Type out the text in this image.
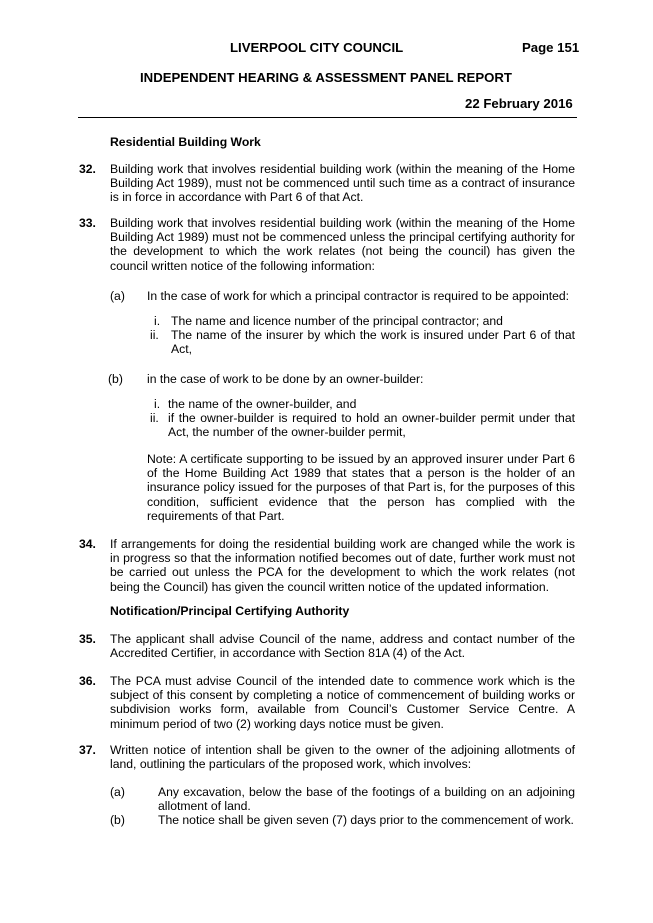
LIVERPOOL CITY COUNCIL	Page 151
INDEPENDENT HEARING & ASSESSMENT PANEL REPORT
22 February 2016
Residential Building Work
32. Building work that involves residential building work (within the meaning of the Home Building Act 1989), must not be commenced until such time as a contract of insurance is in force in accordance with Part 6 of that Act.

33. Building work that involves residential building work (within the meaning of the Home Building Act 1989) must not be commenced unless the principal certifying authority for the development to which the work relates (not being the council) has given the council written notice of the following information:

(a) In the case of work for which a principal contractor is required to be appointed:
i. The name and licence number of the principal contractor; and

ii. The name of the insurer by which the work is insured under Part 6 of that Act,

(b) in the case of work to be done by an owner-builder:
i. the name of the owner-builder, and

ii. if the owner-builder is required to hold an owner-builder permit under that Act, the number of the owner-builder permit,

Note: A certificate supporting to be issued by an approved insurer under Part 6 of the Home Building Act 1989 that states that a person is the holder of an insurance policy issued for the purposes of that Part is, for the purposes of this condition, sufficient evidence that the person has complied with the requirements of that Part.

34. If arrangements for doing the residential building work are changed while the work is in progress so that the information notified becomes out of date, further work must not be carried out unless the PCA for the development to which the work relates (not being the Council) has given the council written notice of the updated information.

Notification/Principal Certifying Authority
35. The applicant shall advise Council of the name, address and contact number of the Accredited Certifier, in accordance with Section 81A (4) of the Act.

36. The PCA must advise Council of the intended date to commence work which is the subject of this consent by completing a notice of commencement of building works or subdivision works form, available from Council’s Customer Service Centre. A minimum period of two (2) working days notice must be given.

37. Written notice of intention shall be given to the owner of the adjoining allotments of land, outlining the particulars of the proposed work, which involves:

(a)	Any excavation, below the base of the footings of a building on an adjoining allotment of land.

(b)	The notice shall be given seven (7) days prior to the commencement of work.
